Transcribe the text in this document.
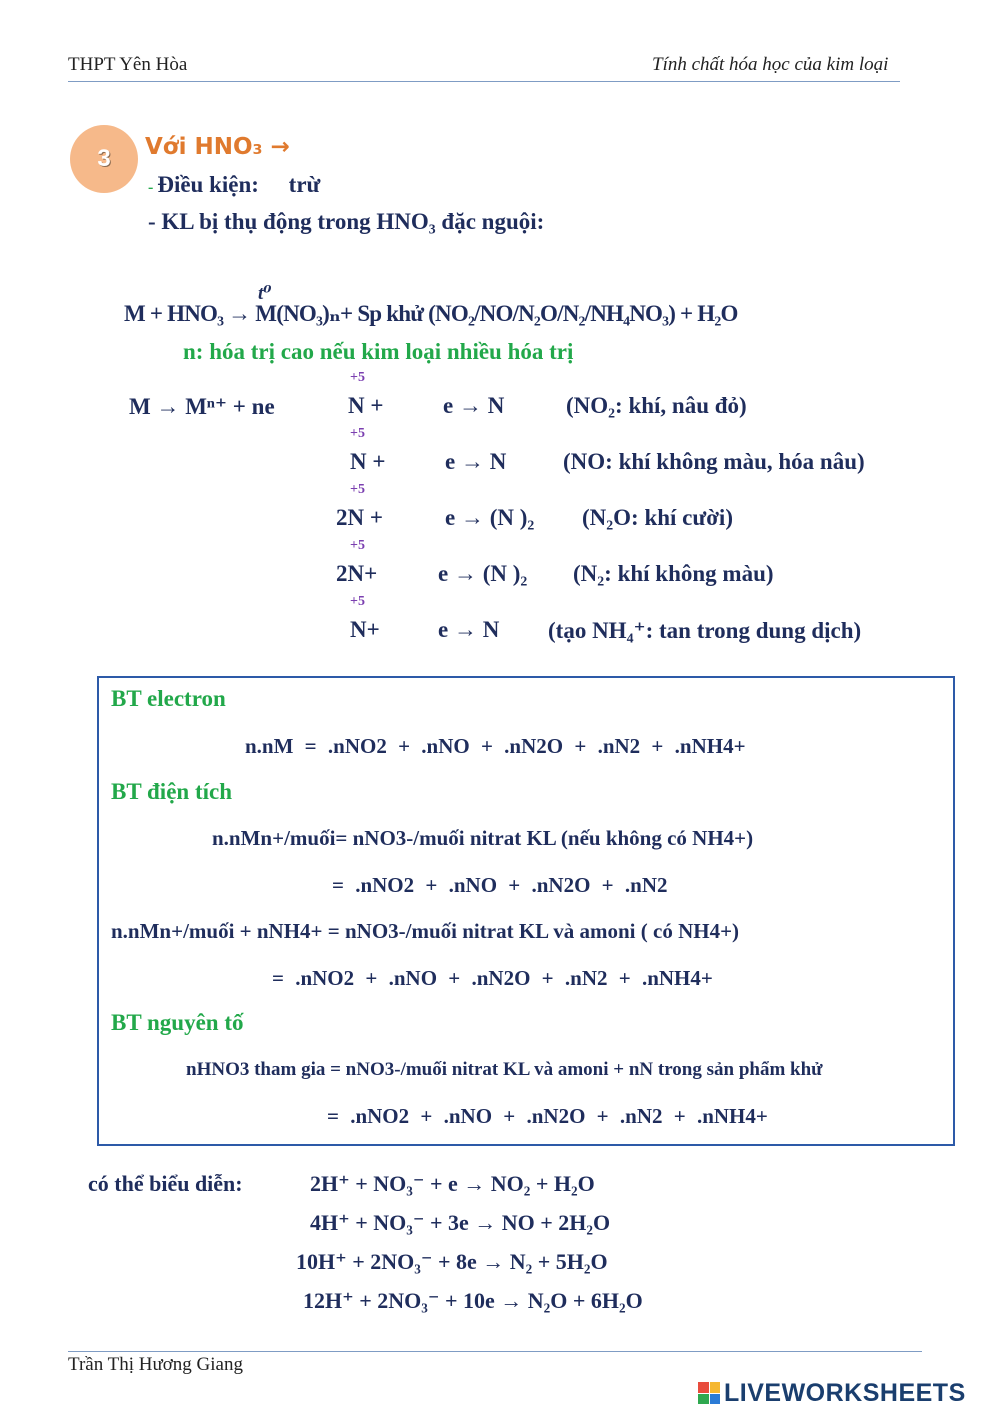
THPT Yên Hòa	Tính chất hóa học của kim loại
3 Với HNO₃ →
- Điều kiện: trừ
- KL bị thụ động trong HNO₃ đặc nguội:
t⁰
M + HNO₃ → M(NO₃)ₙ+ Sp khử (NO₂/NO/N₂O/N₂/NH₄NO₃) + H₂O
n: hóa trị cao nếu kim loại nhiều hóa trị
M → Mⁿ⁺ + ne
+5
N +	e → N	(NO₂: khí, nâu đỏ)
+5
N +	e → N (NO: khí không màu, hóa nâu)
+5
2N +	e → (N )₂ (N₂O: khí cười)
+5
2N+	e → (N )₂ (N₂: khí không màu)
+5
N+	e → N (tạo NH₄⁺: tan trong dung dịch)
BT electron
n.nM = .nNO2 + .nNO + .nN2O + .nN2 + .nNH4+
BT điện tích
n.nMn+/muối= nNO3-/muối nitrat KL (nếu không có NH4+)
= .nNO2 + .nNO + .nN2O + .nN2
n.nMn+/muối + nNH4+ = nNO3-/muối nitrat KL và amoni ( có NH4+)
= .nNO2 + .nNO + .nN2O + .nN2 + .nNH4+
BT nguyên tố
nHNO3 tham gia = nNO3-/muối nitrat KL và amoni + nN trong sản phẩm khử
= .nNO2 + .nNO + .nN2O + .nN2 + .nNH4+
có thể biểu diễn:	2H⁺ + NO₃⁻ + e → NO₂ + H₂O
4H⁺ + NO₃⁻ + 3e → NO + 2H₂O
10H⁺ + 2NO₃⁻ + 8e → N₂ + 5H₂O
12H⁺ + 2NO₃⁻ + 10e → N₂O + 6H₂O
Trần Thị Hương Giang
LIVEWORKSHEETS
